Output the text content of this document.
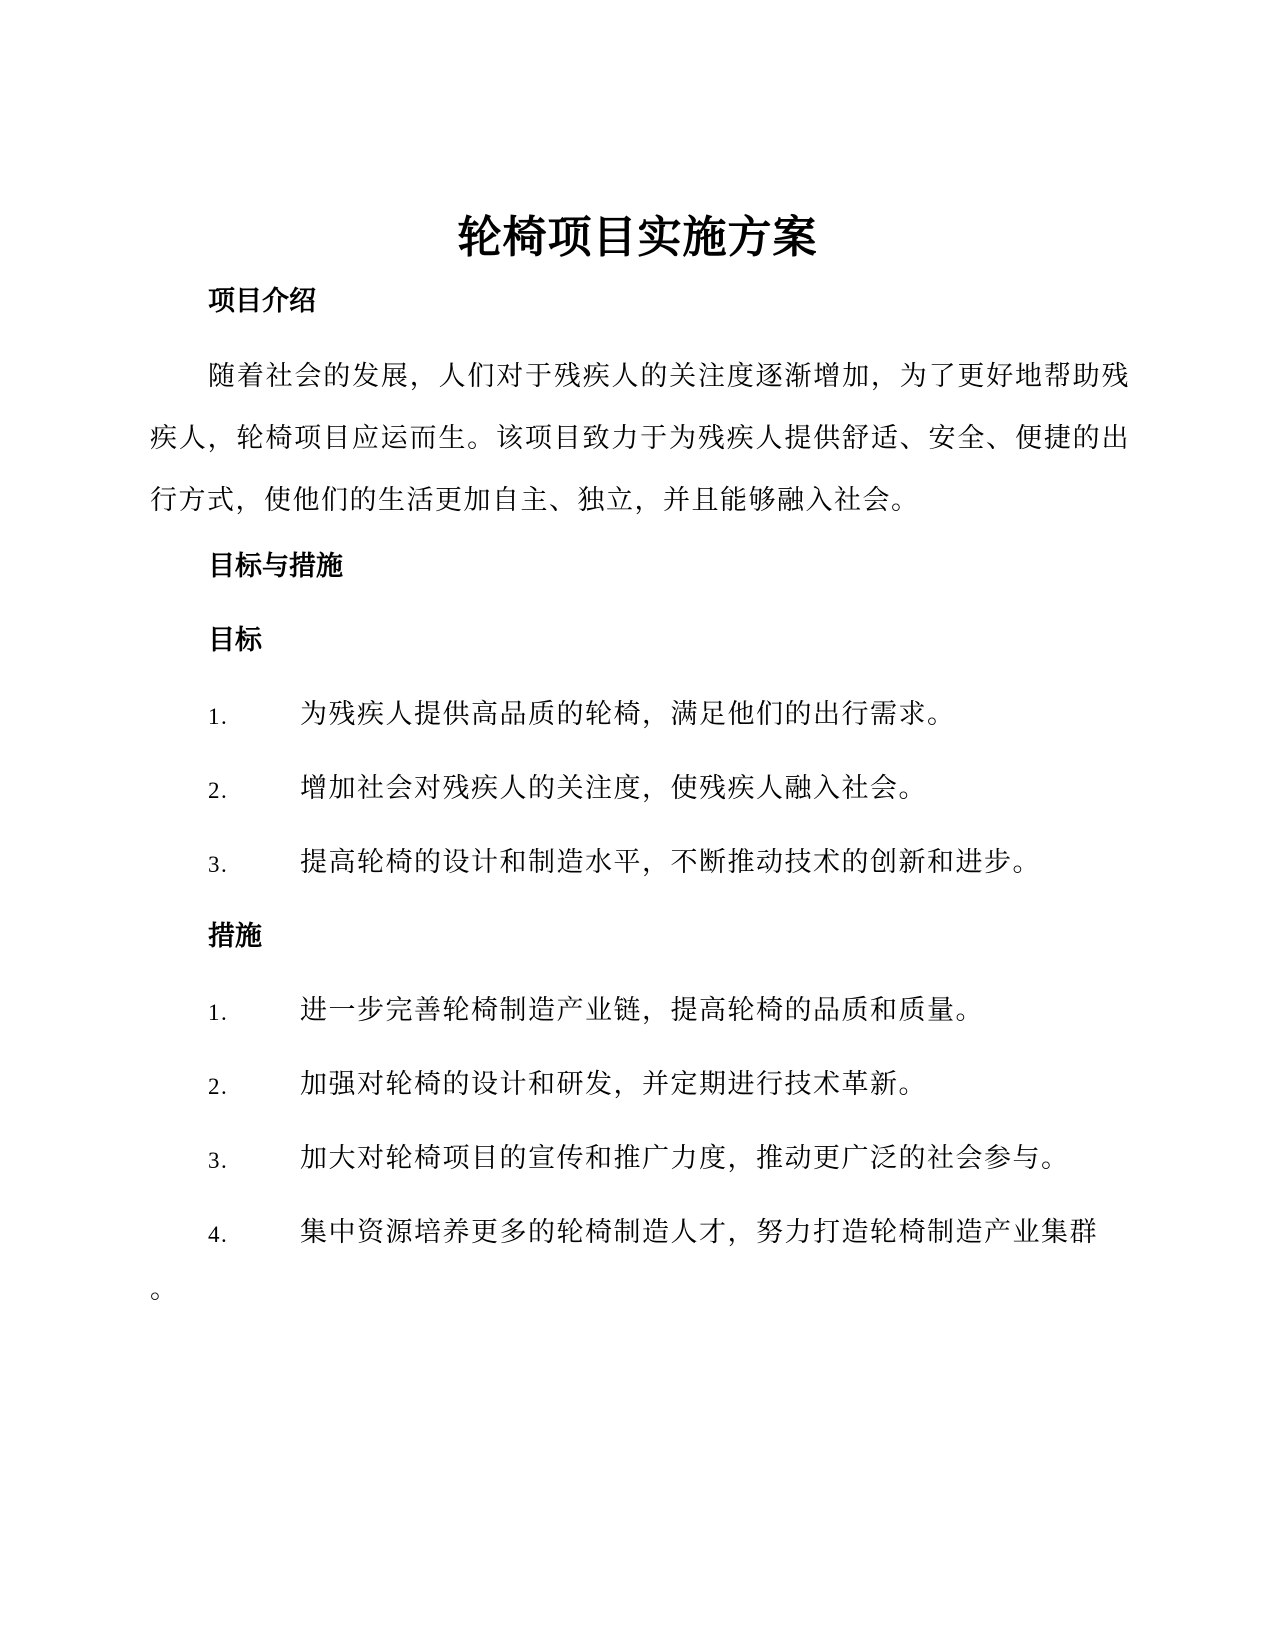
轮椅项目实施方案
项目介绍
随着社会的发展，人们对于残疾人的关注度逐渐增加，为了更好地帮助残疾人，轮椅项目应运而生。该项目致力于为残疾人提供舒适、安全、便捷的出行方式，使他们的生活更加自主、独立，并且能够融入社会。
目标与措施
目标
1.	为残疾人提供高品质的轮椅，满足他们的出行需求。
2.	增加社会对残疾人的关注度，使残疾人融入社会。
3.	提高轮椅的设计和制造水平，不断推动技术的创新和进步。
措施
1.	进一步完善轮椅制造产业链，提高轮椅的品质和质量。
2.	加强对轮椅的设计和研发，并定期进行技术革新。
3.	加大对轮椅项目的宣传和推广力度，推动更广泛的社会参与。
4.	集中资源培养更多的轮椅制造人才，努力打造轮椅制造产业集群
。
